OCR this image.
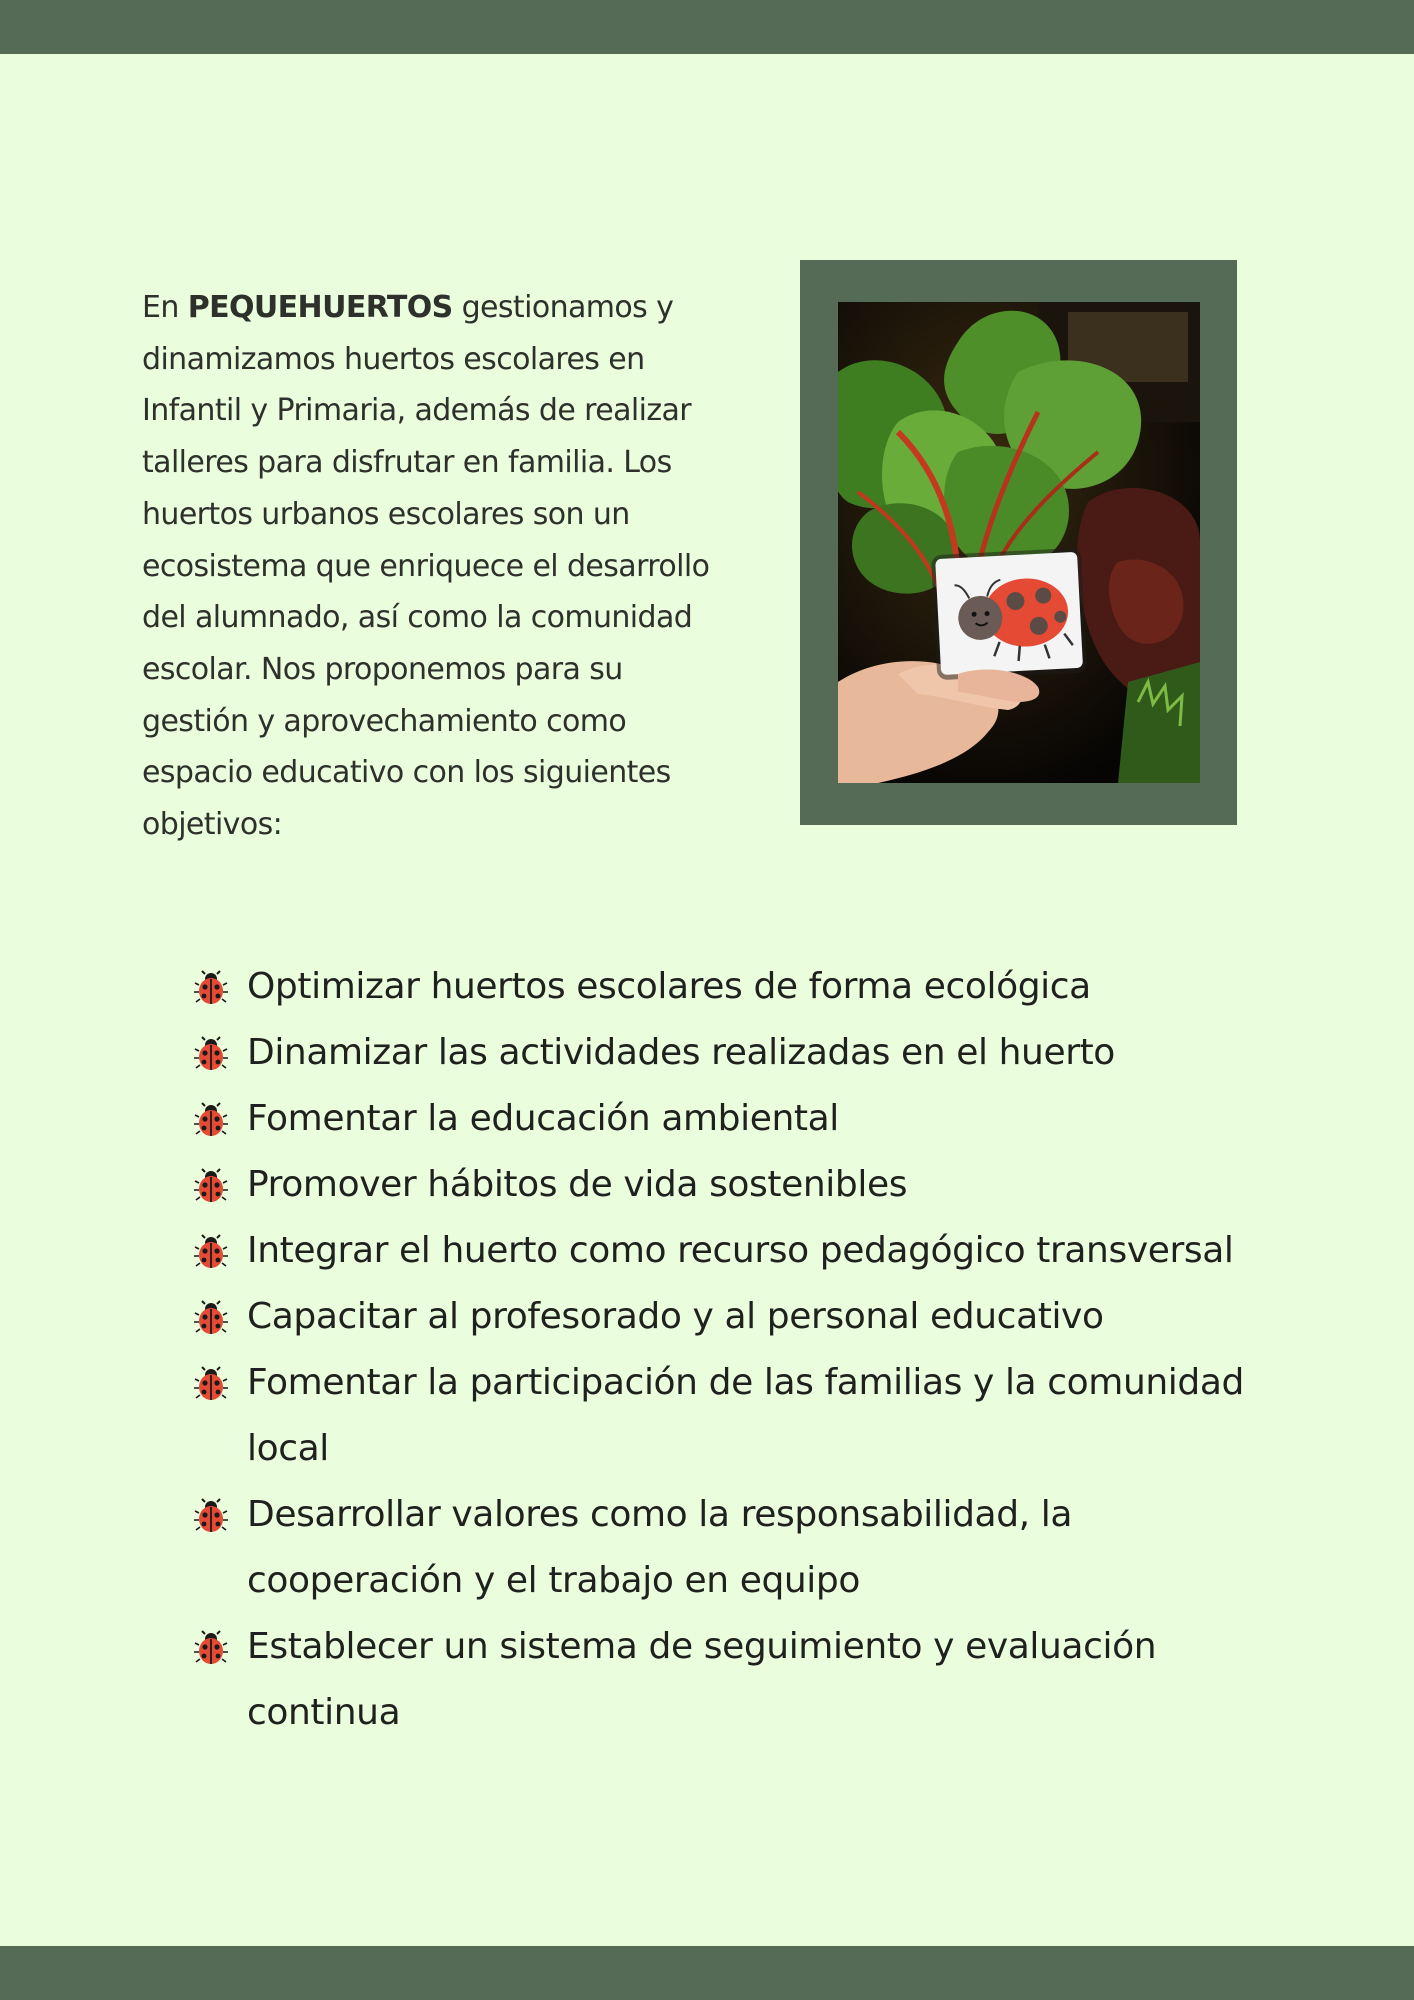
En PEQUEHUERTOS gestionamos y dinamizamos huertos escolares en Infantil y Primaria, además de realizar talleres para disfrutar en familia. Los huertos urbanos escolares son un ecosistema que enriquece el desarrollo del alumnado, así como la comunidad escolar. Nos proponemos para su gestión y aprovechamiento como espacio educativo con los siguientes objetivos:

Optimizar huertos escolares de forma ecológica
Dinamizar las actividades realizadas en el huerto
Fomentar la educación ambiental
Promover hábitos de vida sostenibles
Integrar el huerto como recurso pedagógico transversal
Capacitar al profesorado y al personal educativo
Fomentar la participación de las familias y la comunidad local
Desarrollar valores como la responsabilidad, la cooperación y el trabajo en equipo
Establecer un sistema de seguimiento y evaluación continua
